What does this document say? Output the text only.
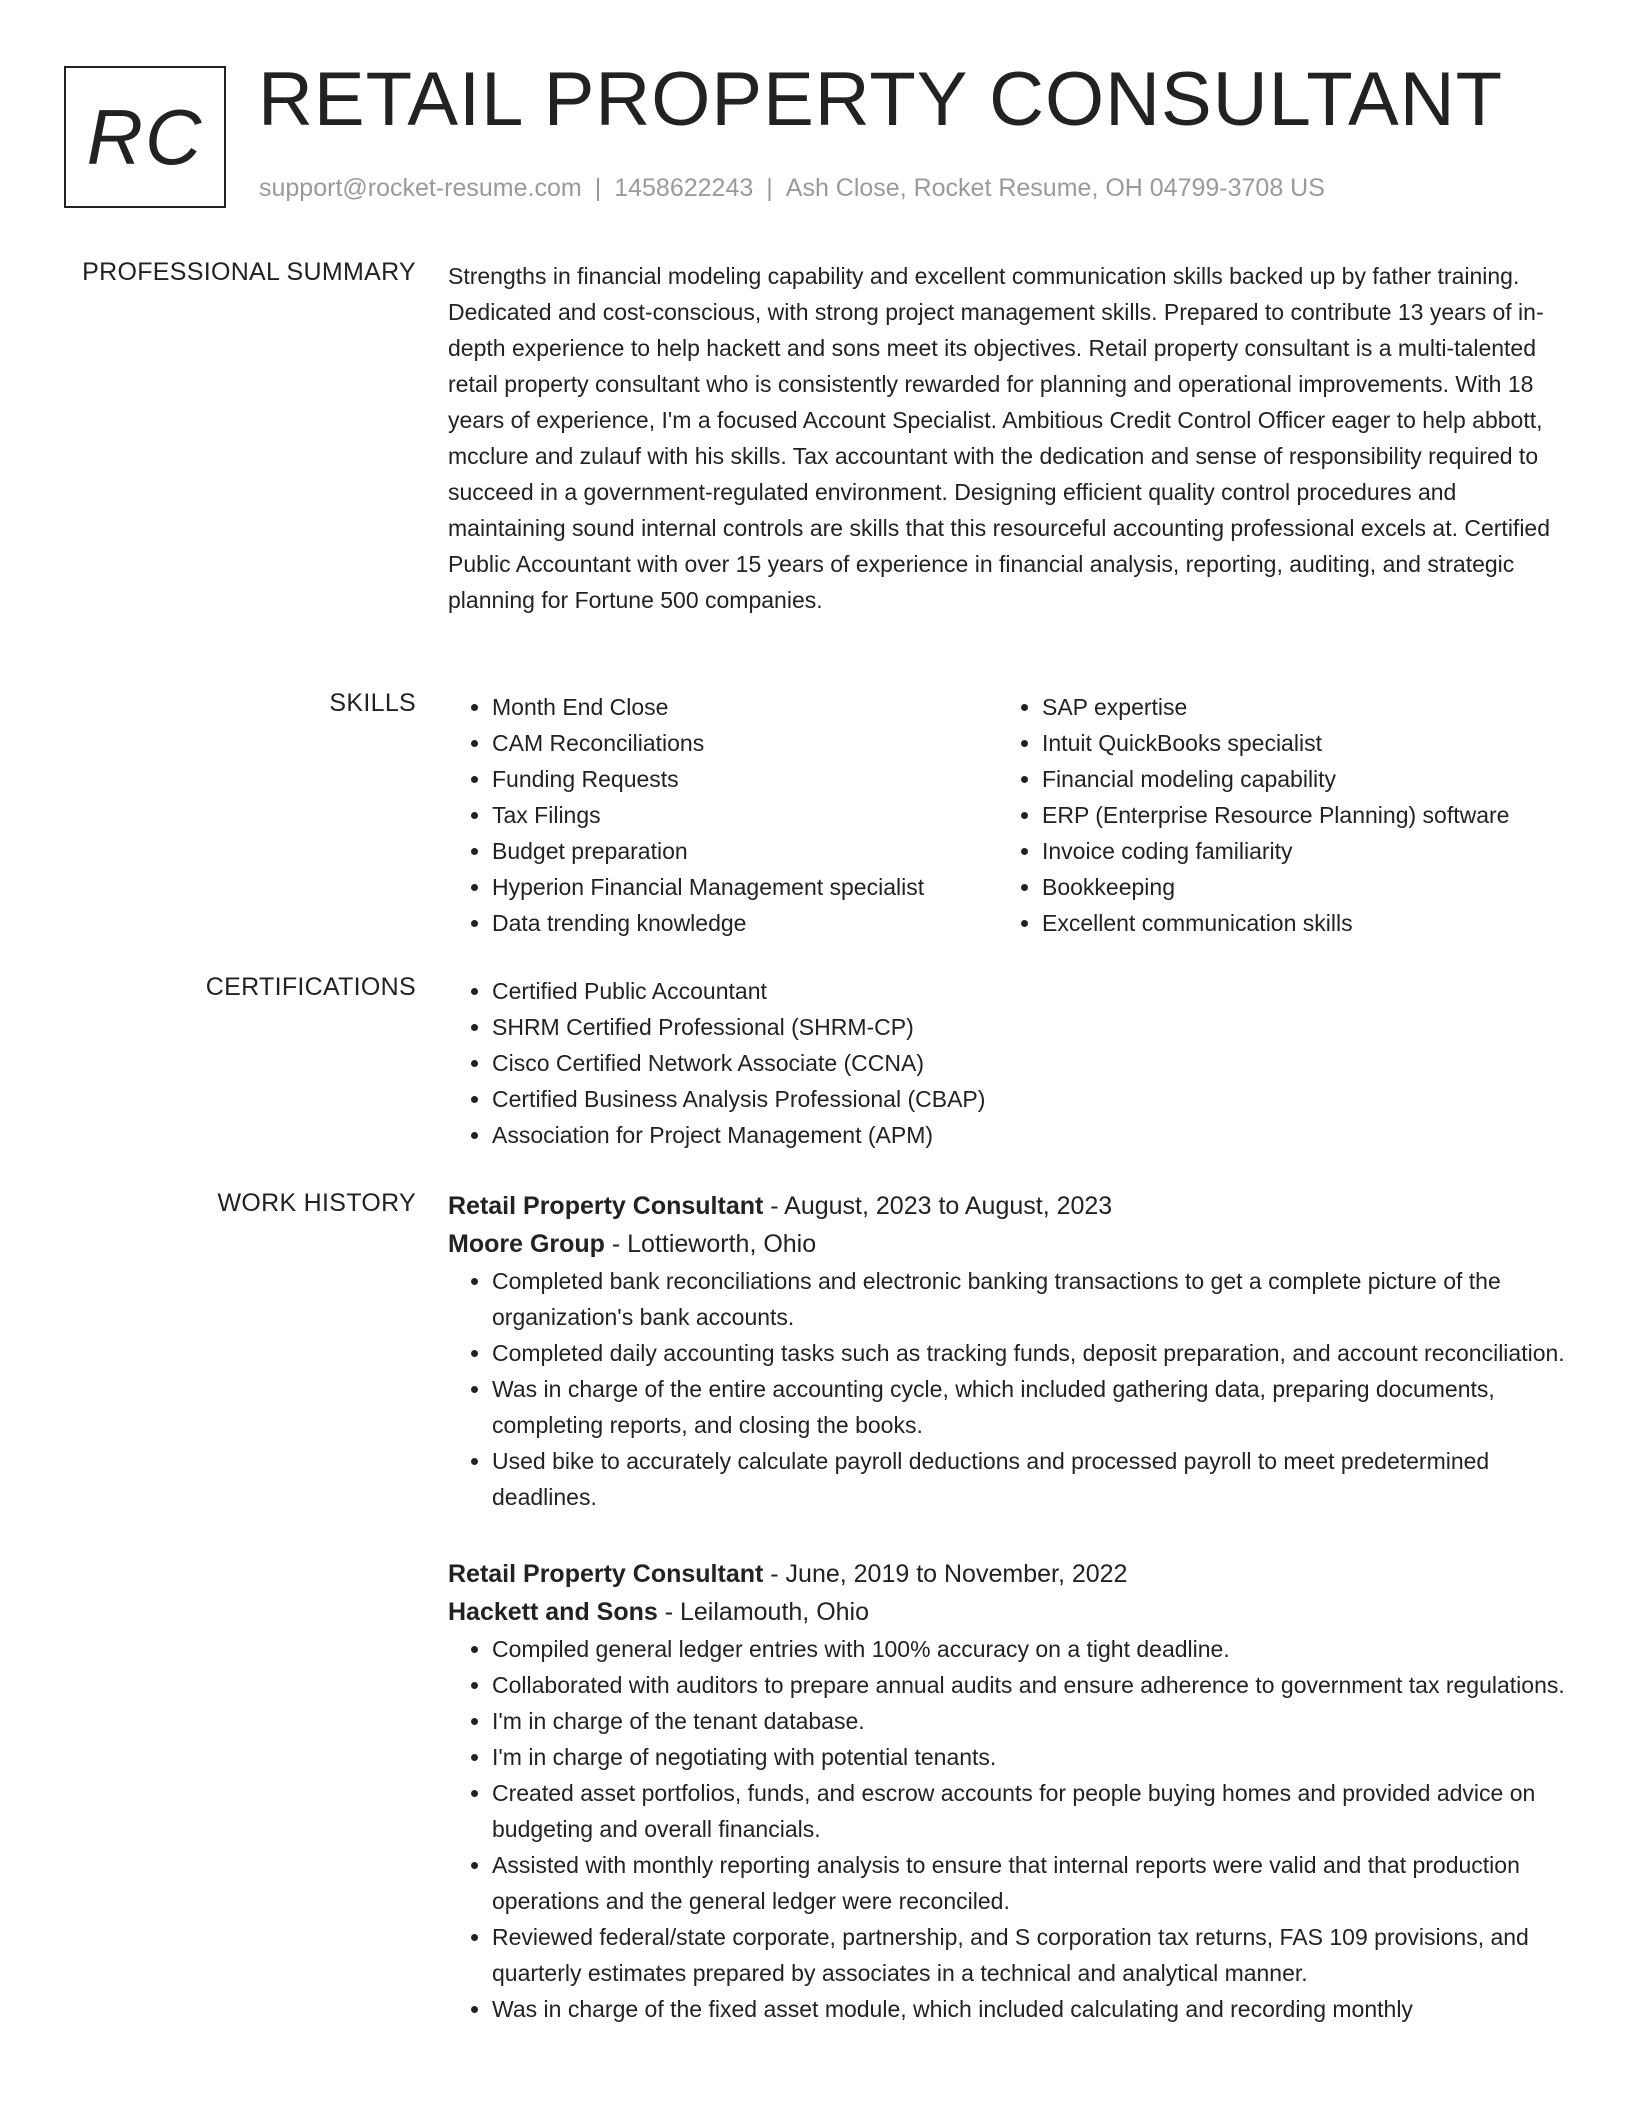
RC RETAIL PROPERTY CONSULTANT
support@rocket-resume.com | 1458622243 | Ash Close, Rocket Resume, OH 04799-3708 US
PROFESSIONAL SUMMARY Strengths in financial modeling capability and excellent communication skills backed up by father training. Dedicated and cost-conscious, with strong project management skills. Prepared to contribute 13 years of in-depth experience to help hackett and sons meet its objectives. Retail property consultant is a multi-talented retail property consultant who is consistently rewarded for planning and operational improvements. With 18 years of experience, I'm a focused Account Specialist. Ambitious Credit Control Officer eager to help abbott, mcclure and zulauf with his skills. Tax accountant with the dedication and sense of responsibility required to succeed in a government-regulated environment. Designing efficient quality control procedures and maintaining sound internal controls are skills that this resourceful accounting professional excels at. Certified Public Accountant with over 15 years of experience in financial analysis, reporting, auditing, and strategic planning for Fortune 500 companies.

SKILLS	• Month End Close
• CAM Reconciliations
• Funding Requests
• Tax Filings
• Budget preparation
• Hyperion Financial Management specialist
• Data trending knowledge
• SAP expertise
• Intuit QuickBooks specialist
• Financial modeling capability
• ERP (Enterprise Resource Planning) software
• Invoice coding familiarity
• Bookkeeping
• Excellent communication skills
CERTIFICATIONS	• Certified Public Accountant
• SHRM Certified Professional (SHRM-CP)
• Cisco Certified Network Associate (CCNA)
• Certified Business Analysis Professional (CBAP)
• Association for Project Management (APM)
WORK HISTORY Retail Property Consultant - August, 2023 to August, 2023
Moore Group - Lottieworth, Ohio
• Completed bank reconciliations and electronic banking transactions to get a complete picture of the organization's bank accounts.
• Completed daily accounting tasks such as tracking funds, deposit preparation, and account reconciliation.
• Was in charge of the entire accounting cycle, which included gathering data, preparing documents, completing reports, and closing the books.
• Used bike to accurately calculate payroll deductions and processed payroll to meet predetermined deadlines.
Retail Property Consultant - June, 2019 to November, 2022
Hackett and Sons - Leilamouth, Ohio
• Compiled general ledger entries with 100% accuracy on a tight deadline.
• Collaborated with auditors to prepare annual audits and ensure adherence to government tax regulations.
• I'm in charge of the tenant database.
• I'm in charge of negotiating with potential tenants.
• Created asset portfolios, funds, and escrow accounts for people buying homes and provided advice on budgeting and overall financials.
• Assisted with monthly reporting analysis to ensure that internal reports were valid and that production operations and the general ledger were reconciled.
• Reviewed federal/state corporate, partnership, and S corporation tax returns, FAS 109 provisions, and quarterly estimates prepared by associates in a technical and analytical manner.
• Was in charge of the fixed asset module, which included calculating and recording monthly
